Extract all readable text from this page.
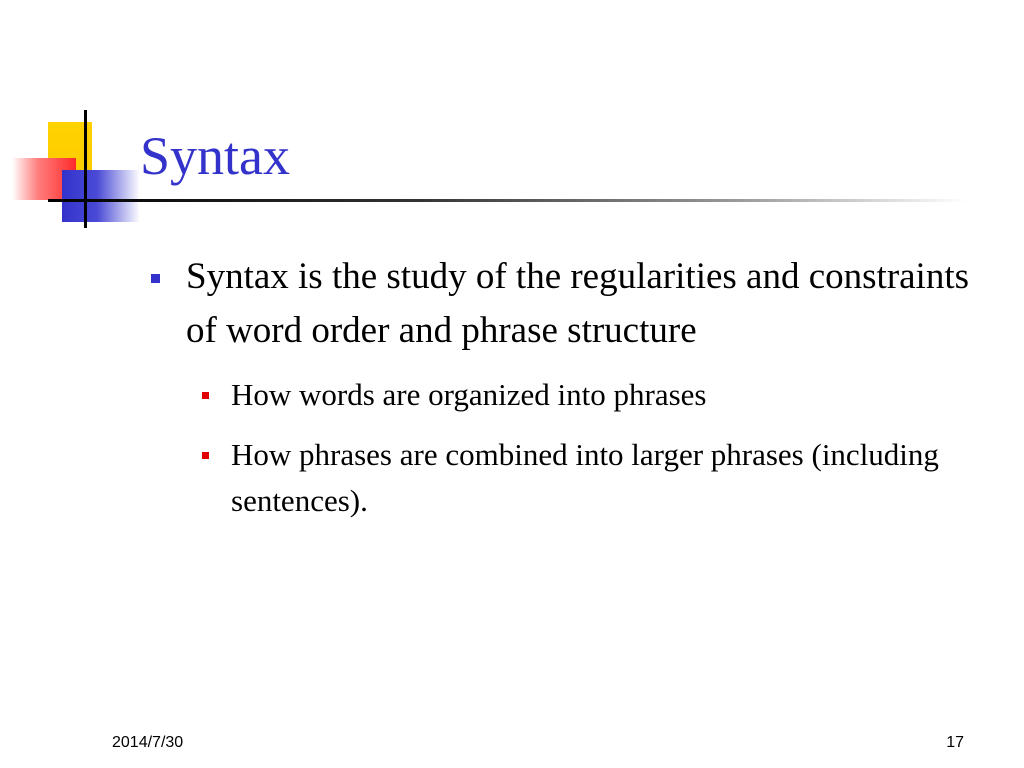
Syntax
Syntax is the study of the regularities and constraints of word order and phrase structure
How words are organized into phrases
How phrases are combined into larger phrases (including sentences).
2014/7/30	17
